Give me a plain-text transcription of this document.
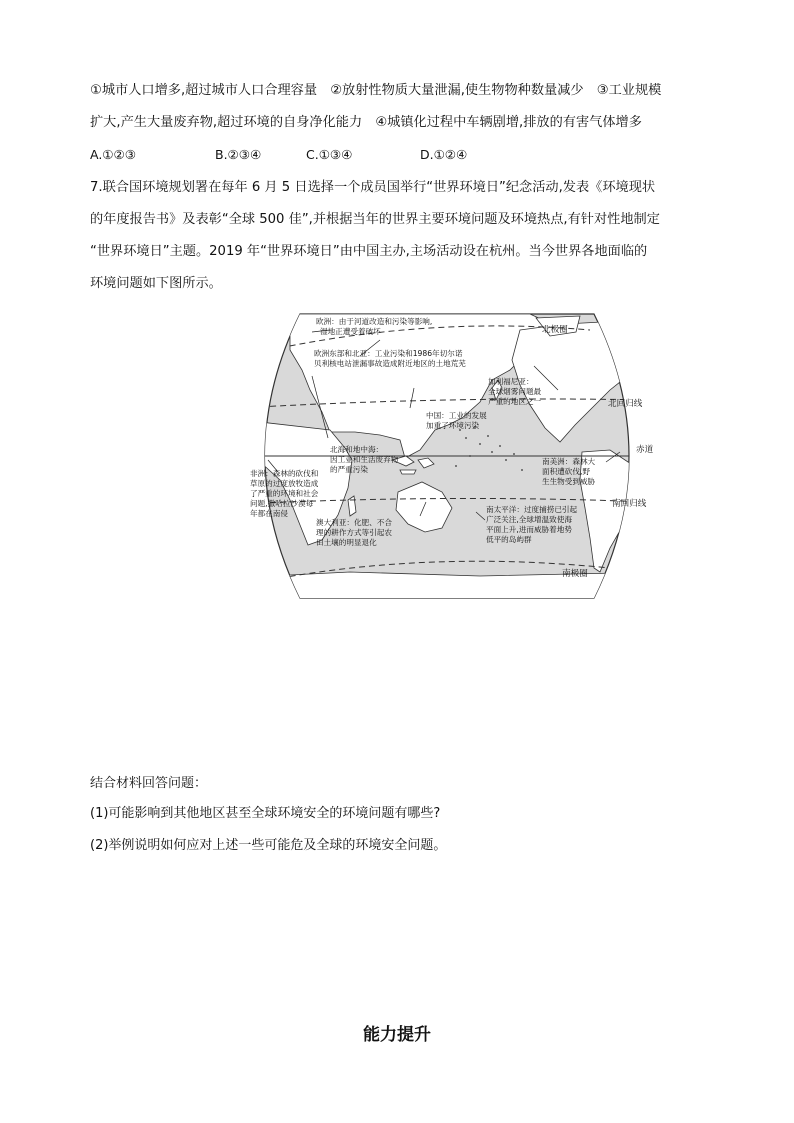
①城市人口增多,超过城市人口合理容量　②放射性物质大量泄漏,使生物物种数量减少　③工业规模
扩大,产生大量废弃物,超过环境的自身净化能力　④城镇化过程中车辆剧增,排放的有害气体增多
A.①②③	B.②③④	C.①③④	D.①②④
7.联合国环境规划署在每年 6 月 5 日选择一个成员国举行“世界环境日”纪念活动,发表《环境现状
的年度报告书》及表彰“全球 500 佳”,并根据当年的世界主要环境问题及环境热点,有针对性地制定
“世界环境日”主题。2019 年“世界环境日”由中国主办,主场活动设在杭州。当今世界各地面临的
环境问题如下图所示。
欧洲：由于河道改造和污染等影响,
湿地正遭受着破坏
欧洲东部和北亚：工业污染和1986年切尔诺
贝利核电站泄漏事故造成附近地区的土地荒芜
加利福尼亚：
全球烟雾问题最
严重的地区之一
中国：工业的发展
加重了环境污染
北海和地中海：
因工业和生活废弃物
的严重污染
非洲：森林的砍伐和
草原的过度放牧造成
了严重的环境和社会
问题,撒哈拉沙漠每
年都在南侵
澳大利亚：化肥、不合
理的耕作方式等引起农
田土壤的明显退化
南太平洋：过度捕捞已引起
广泛关注,全球增温致使海
平面上升,进而威胁着地势
低平的岛屿群
南美洲：森林大
面积遭砍伐,野
生生物受到威胁
北极圈
北回归线
赤道
南回归线
南极圈
结合材料回答问题：
(1)可能影响到其他地区甚至全球环境安全的环境问题有哪些?
(2)举例说明如何应对上述一些可能危及全球的环境安全问题。
能力提升
